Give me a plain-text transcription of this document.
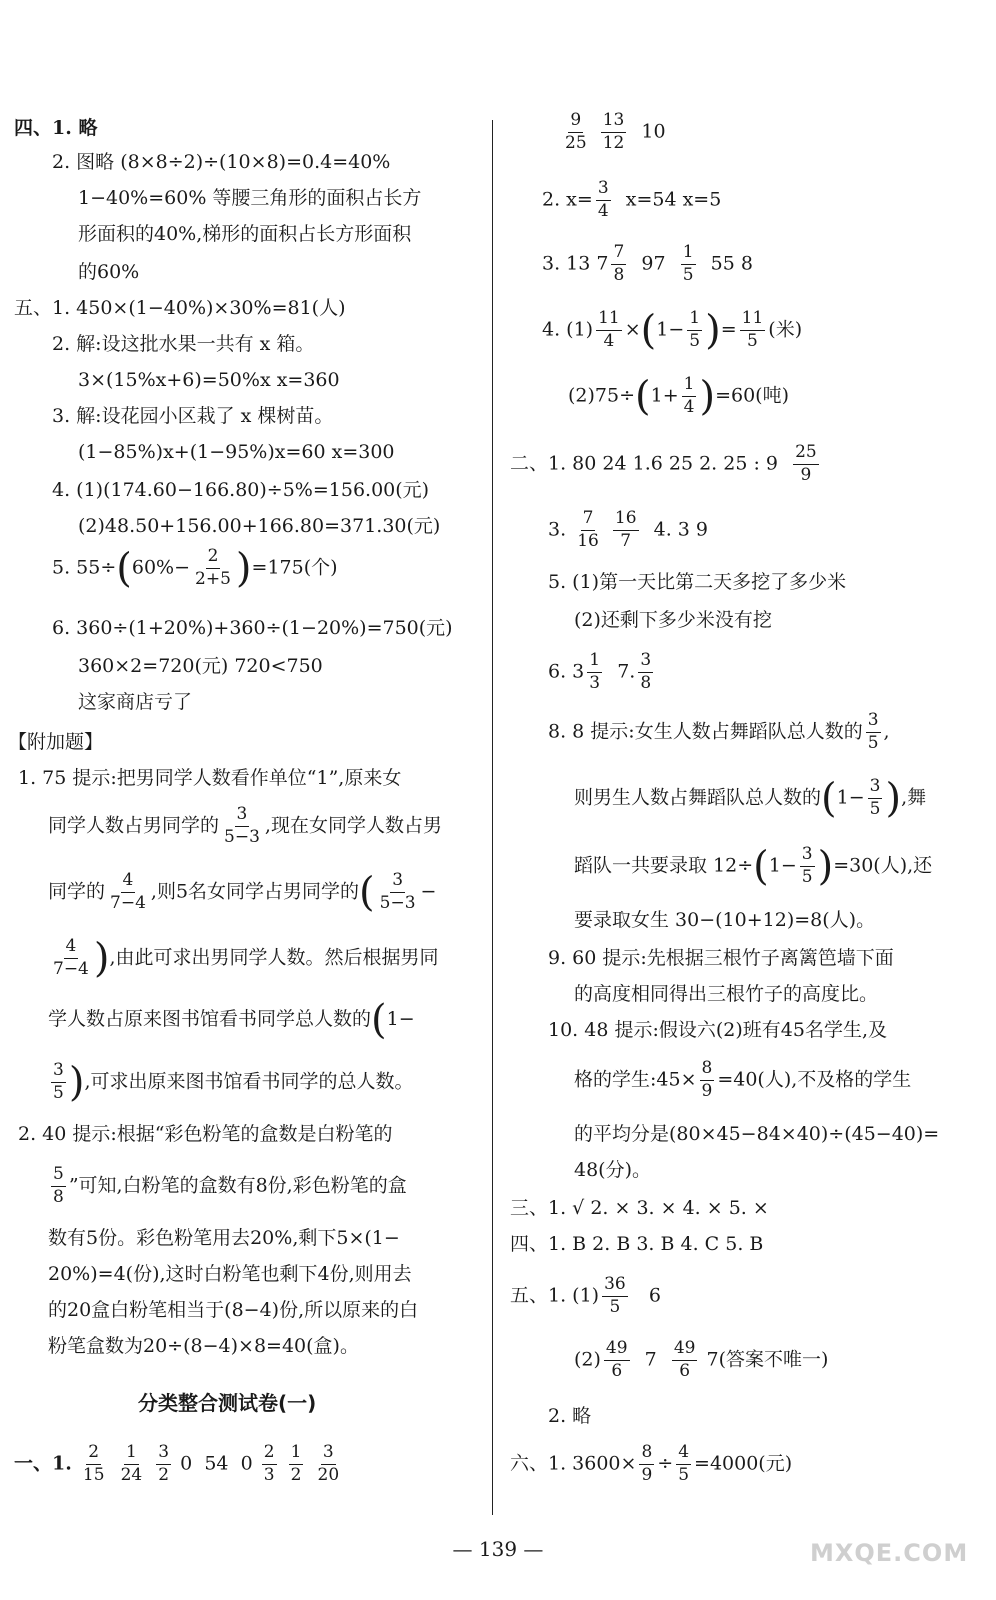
四、1. 略
2. 图略 (8×8÷2)÷(10×8)=0.4=40%
1−40%=60% 等腰三角形的面积占长方
形面积的40%,梯形的面积占长方形面积
的60%
五、1. 450×(1−40%)×30%=81(人)
2. 解:设这批水果一共有 x 箱。
3×(15%x+6)=50%x x=360
3. 解:设花园小区栽了 x 棵树苗。
(1−85%)x+(1−95%)x=60 x=300
4. (1)(174.60−166.80)÷5%=156.00(元)
(2)48.50+156.00+166.80=371.30(元)
5. $55\div(60\%- \frac{2}{2+5} )=175$(个)
6. 360÷(1+20%)+360÷(1−20%)=750(元)
360×2=720(元) 720<750
这家商店亏了
【附加题】
1. 75 提示:把男同学人数看作单位“1”,原来女
同学人数占男同学的 $\frac{3}{5-3}$ ,现在女同学人数占男
同学的 $\frac{4}{7-4}$ ,则5名女同学占男同学的( $\frac{3}{5-3}$ −
$\frac{4}{7-4}$ ),由此可求出男同学人数。然后根据男同
学人数占原来图书馆看书同学总人数的(1−
$\frac{3}{5}$ ),可求出原来图书馆看书同学的总人数。
2. 40 提示:根据“彩色粉笔的盒数是白粉笔的
$\frac{5}{8}$ ”可知,白粉笔的盒数有8份,彩色粉笔的盒
数有5份。彩色粉笔用去20%,剩下5×(1−
20%)=4(份),这时白粉笔也剩下4份,则用去
的20盒白粉笔相当于(8−4)份,所以原来的白
粉笔盒数为20÷(8−4)×8=40(盒)。
分类整合测试卷(一)
一、1. $\frac{2}{15}$
$\frac{1}{24}$
$\frac{3}{2} 0$ 54 $0 \frac{2}{3}$
$\frac{1}{2}$
$\frac{3}{20}$
$\frac{9}{25}$
$\frac{13}{12} 10$
2. $x= \frac{3}{4} x=54$ x=5
3. 13 $7 \frac{7}{8} 97 \frac{1}{5} 55$ 8
4. $(1) \frac{11}{4} \times(1- \frac{1}{5}$ )= $\frac{11}{5}$ (米)
$(2)75\div(1+ \frac{1}{4} )=60$(吨)
二、1. 80 24 1.6 25 2. 25 : $9 \frac{25}{9}$
3. $\frac{7}{16}$
$\frac{16}{7} 4$. 3 9
5. (1)第一天比第二天多挖了多少米
(2)还剩下多少米没有挖
6. $3 \frac{1}{3} 7$. $\frac{3}{8}$
8. 8 提示:女生人数占舞蹈队总人数的 $\frac{3}{5}$ ,
则男生人数占舞蹈队总人数的($1- \frac{3}{5}$ ),舞
蹈队一共要录取 $12\div(1- \frac{3}{5} )=30$(人),还
要录取女生 30−(10+12)=8(人)。
9. 60 提示:先根据三根竹子离篱笆墙下面
的高度相同得出三根竹子的高度比。
10. 48 提示:假设六(2)班有45名学生,及
格的学生:45× $\frac{8}{9} =40$(人),不及格的学生
的平均分是(80×45−84×40)÷(45−40)=
48(分)。
三、1. √ 2. × 3. × 4. × 5. ×
四、1. B 2. B 3. B 4. C 5. B
五、1. $(1) \frac{36}{5} 6$
$(2) \frac{49}{6} 7 \frac{49}{6} 7$(答案不唯一)
2. 略
六、1. $3600\times \frac{8}{9} \div \frac{4}{5} =4000$(元)
— 139 —	MXQE.COM
